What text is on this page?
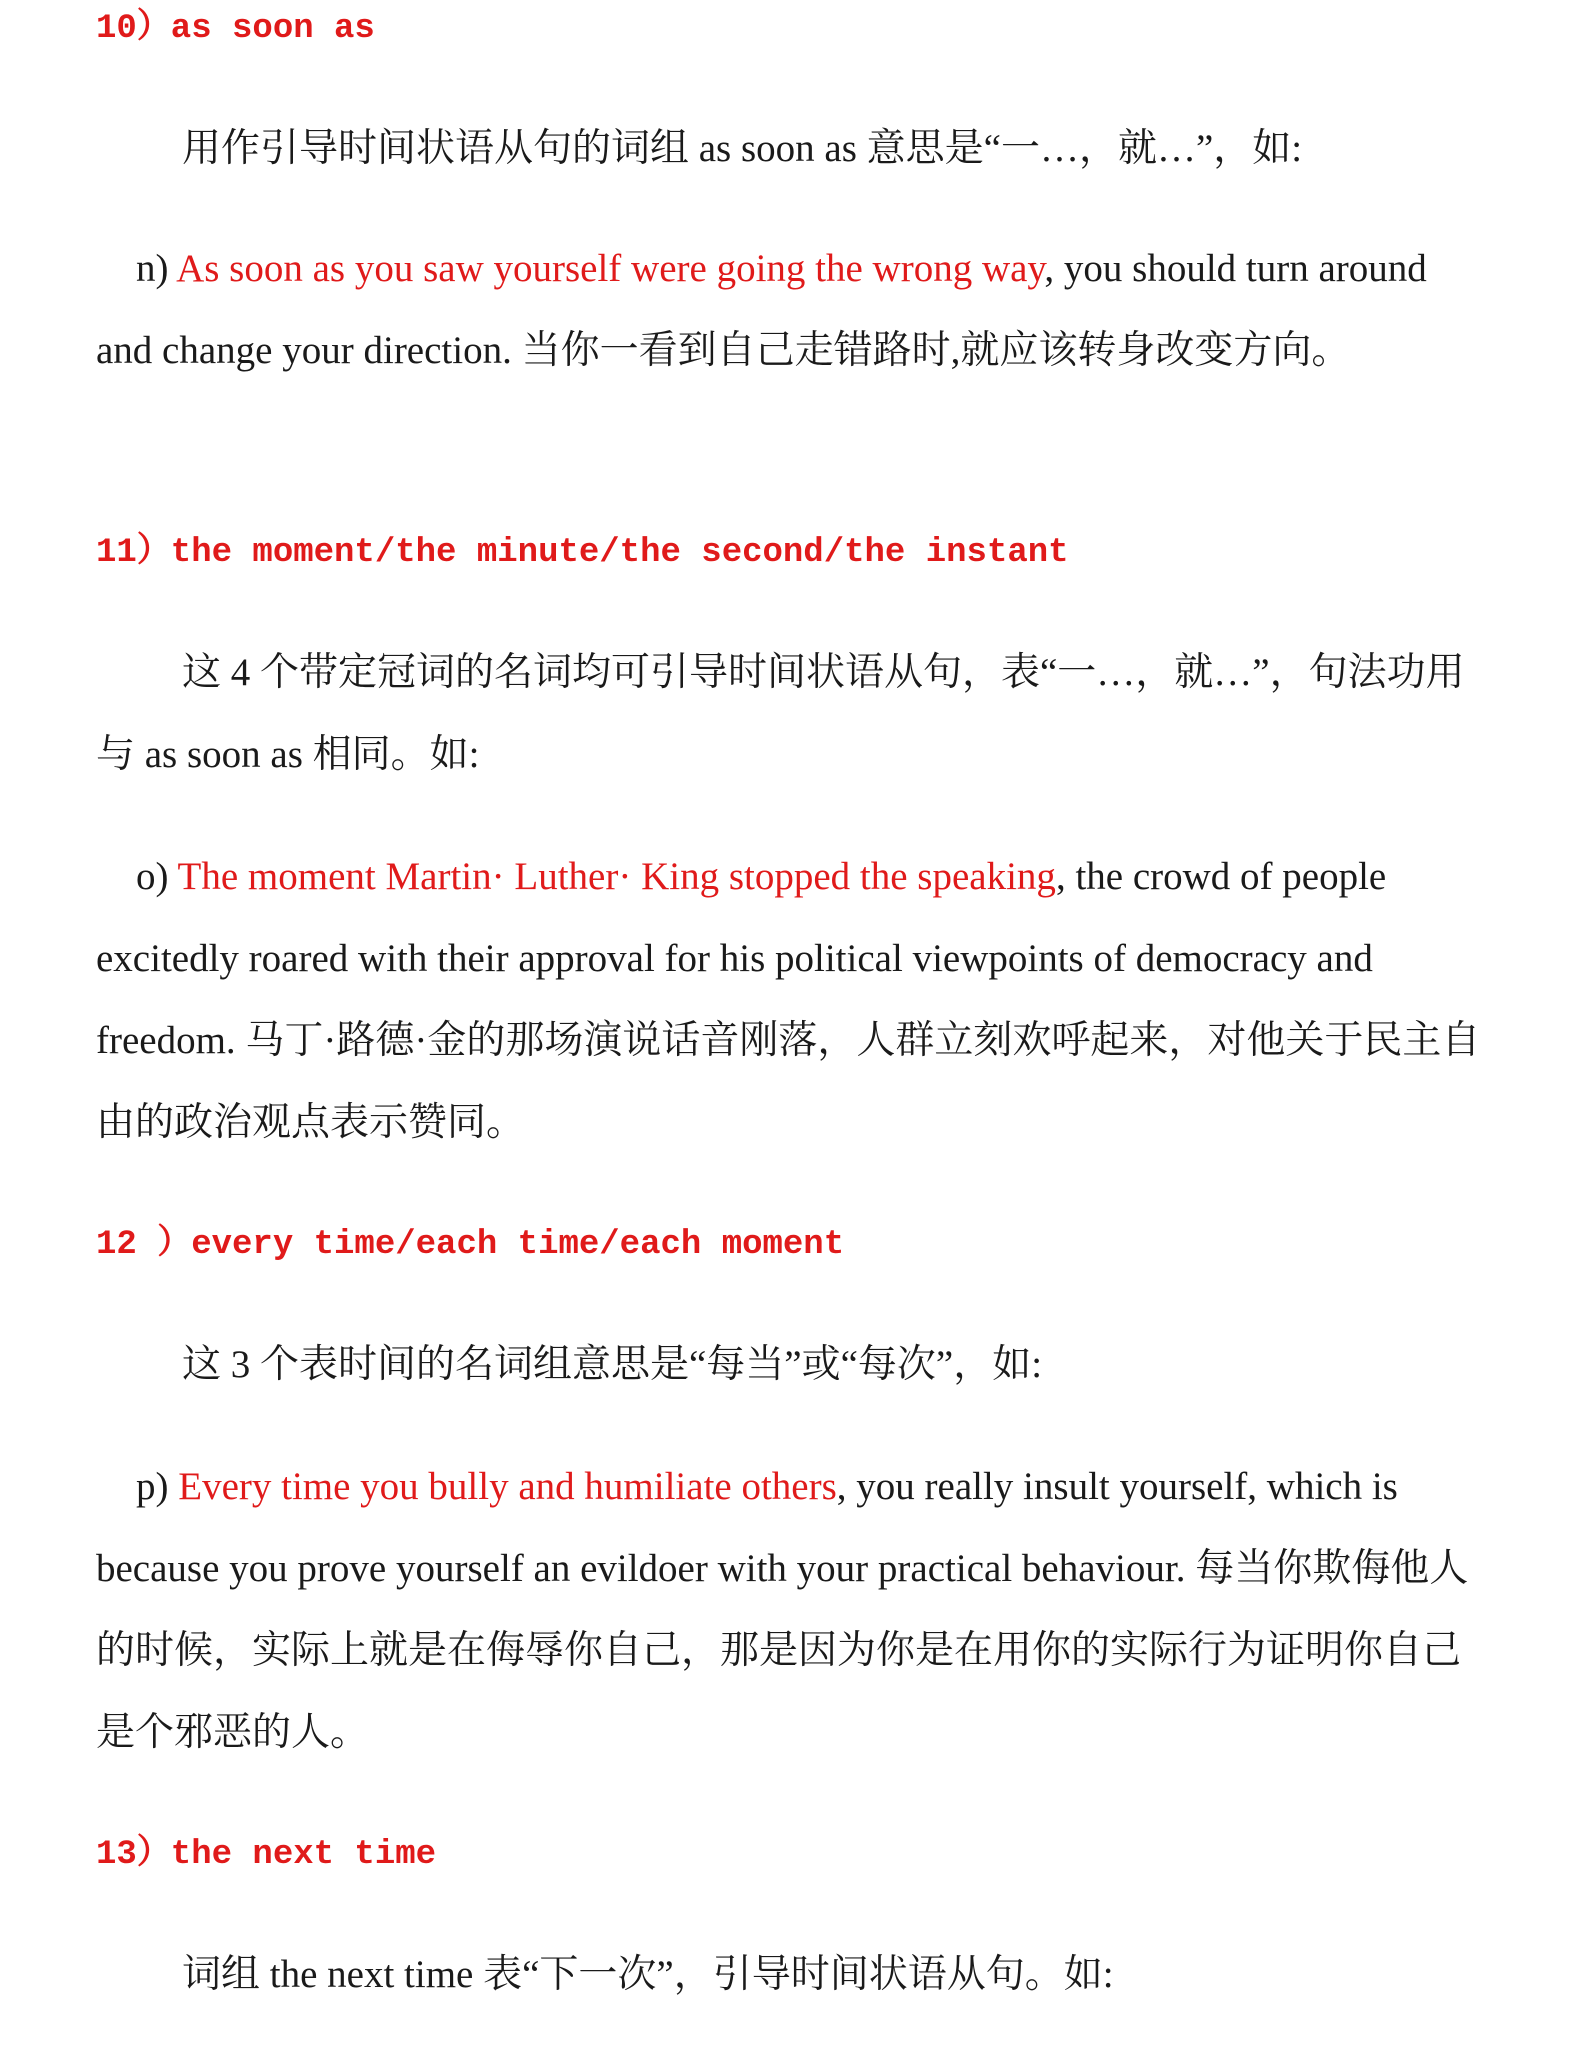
10）as soon as

用作引导时间状语从句的词组 as soon as 意思是“一…，就…”，如:

n) As soon as you saw yourself were going the wrong way, you should turn around and change your direction. 当你一看到自己走错路时,就应该转身改变方向。

11）the moment/the minute/the second/the instant

这 4 个带定冠词的名词均可引导时间状语从句，表“一…，就…”，句法功用与 as soon as 相同。如:

o) The moment Martin· Luther· King stopped the speaking, the crowd of people excitedly roared with their approval for his political viewpoints of democracy and freedom. 马丁·路德·金的那场演说话音刚落，人群立刻欢呼起来，对他关于民主自由的政治观点表示赞同。

12 ）every time/each time/each moment

这 3 个表时间的名词组意思是“每当”或“每次”，如:

p) Every time you bully and humiliate others, you really insult yourself, which is because you prove yourself an evildoer with your practical behaviour. 每当你欺侮他人的时候，实际上就是在侮辱你自己，那是因为你是在用你的实际行为证明你自己是个邪恶的人。

13）the next time

词组 the next time 表“下一次”，引导时间状语从句。如:
